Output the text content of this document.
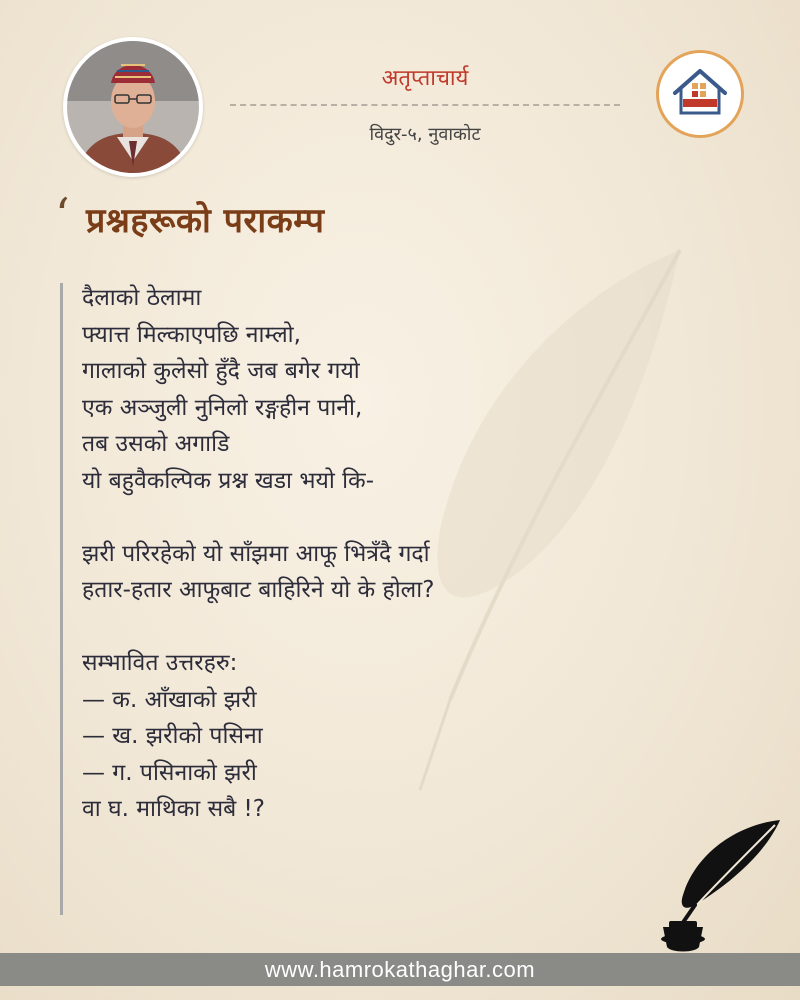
अतृप्ताचार्य
विदुर-५, नुवाकोट
‘ प्रश्नहरूको पराकम्प
दैलाको ठेलामा
फ्यात्त मिल्काएपछि नाम्लो,
गालाको कुलेसो हुँदै जब बगेर गयो
एक अञ्जुली नुनिलो रङ्गहीन पानी,
तब उसको अगाडि
यो बहुवैकल्पिक प्रश्न खडा भयो कि-
झरी परिरहेको यो साँझमा आफू भित्रँदै गर्दा
हतार-हतार आफूबाट बाहिरिने यो के होला?
सम्भावित उत्तरहरु:
— क. आँखाको झरी
— ख. झरीको पसिना
— ग. पसिनाको झरी
वा घ. माथिका सबै !?
www.hamrokathaghar.com
